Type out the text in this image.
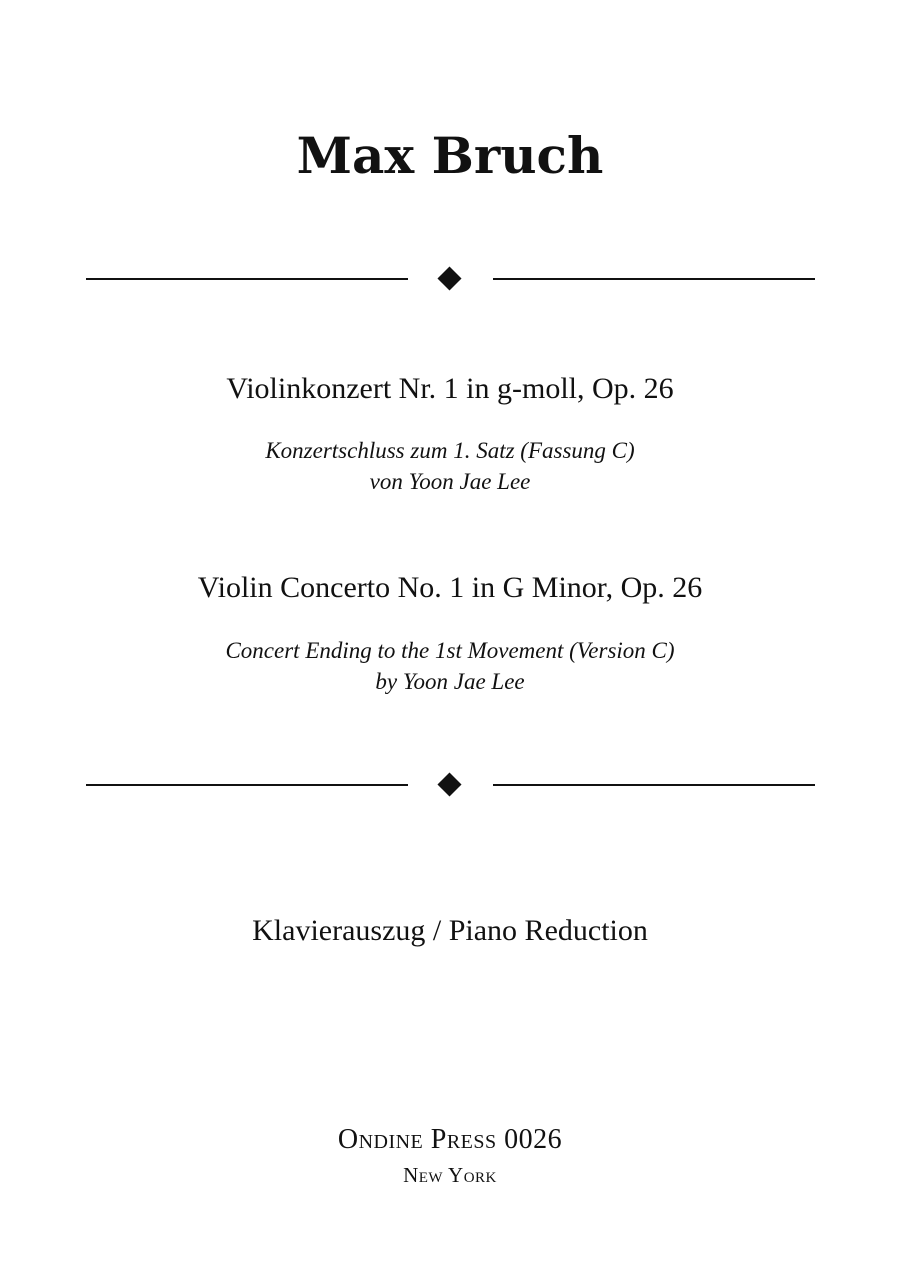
Max Bruch
Violinkonzert Nr. 1 in g-moll, Op. 26
Konzertschluss zum 1. Satz (Fassung C)
von Yoon Jae Lee
Violin Concerto No. 1 in G Minor, Op. 26
Concert Ending to the 1st Movement (Version C)
by Yoon Jae Lee
Klavierauszug / Piano Reduction
Ondine Press 0026
New York
